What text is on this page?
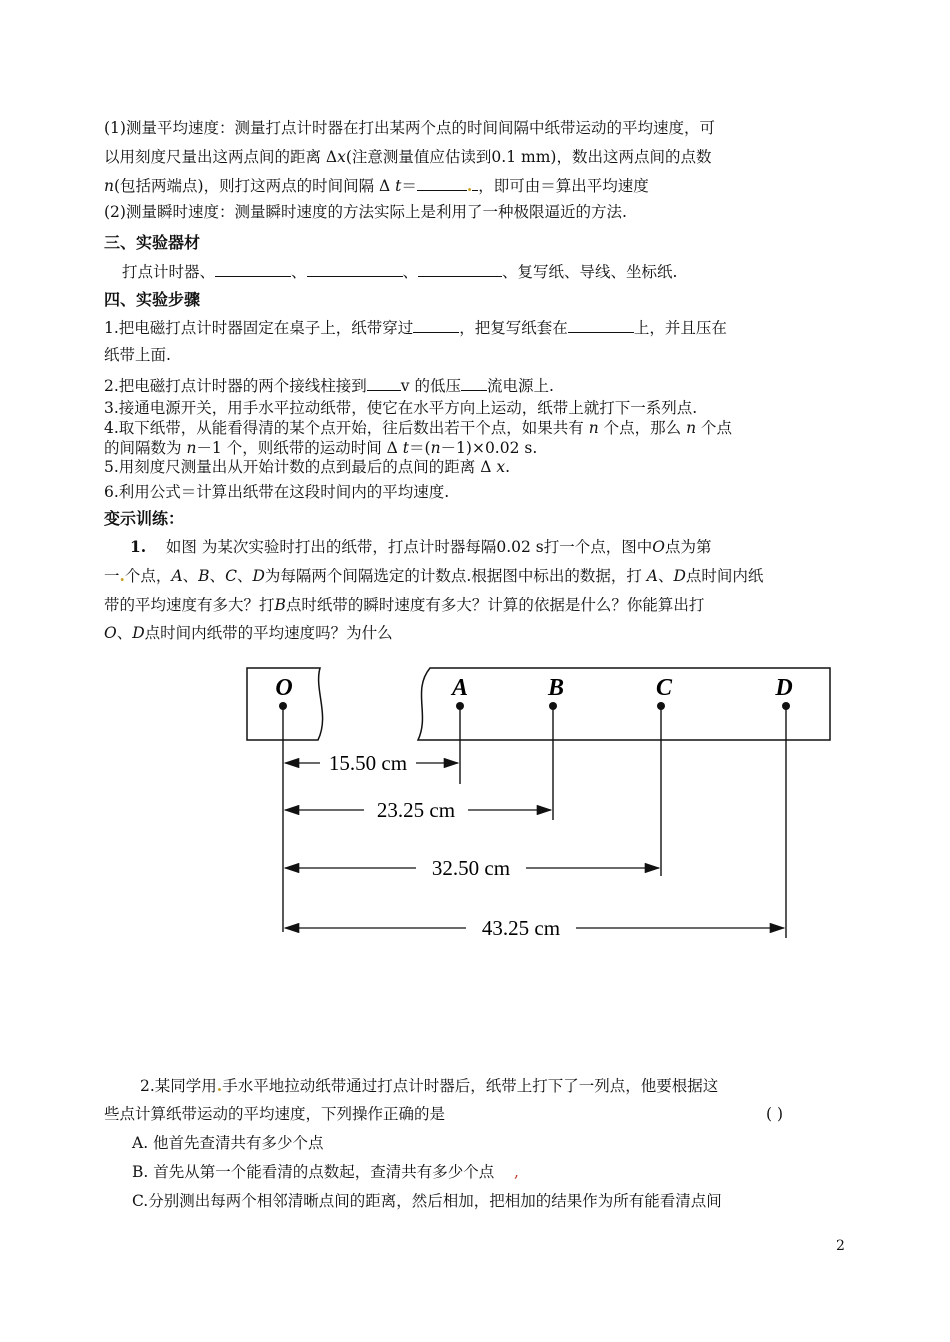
(1)测量平均速度：测量打点计时器在打出某两个点的时间间隔中纸带运动的平均速度，可
以用刻度尺量出这两点间的距离 Δx(注意测量值应估读到0.1 mm)，数出这两点间的点数
n(包括两端点)，则打这两点的时间间隔 Δ t＝	. ，即可由＝算出平均速度
(2)测量瞬时速度：测量瞬时速度的方法实际上是利用了一种极限逼近的方法.
三、实验器材
打点计时器、	、	、	、复写纸、导线、坐标纸.
四、实验步骤
1.把电磁打点计时器固定在桌子上，纸带穿过	，把复写纸套在	上，并且压在
纸带上面.
2.把电磁打点计时器的两个接线柱接到 v 的低压 流电源上.
3.接通电源开关，用手水平拉动纸带，使它在水平方向上运动，纸带上就打下一系列点.
4.取下纸带，从能看得清的某个点开始，往后数出若干个点，如果共有 n 个点，那么 n 个点
的间隔数为 n－1 个，则纸带的运动时间 Δ t＝(n－1)×0.02 s.
5.用刻度尺测量出从开始计数的点到最后的点间的距离 Δ x.
6.利用公式＝计算出纸带在这段时间内的平均速度.
变示训练：
1. 如图 为某次实验时打出的纸带，打点计时器每隔0.02 s打一个点，图中O点为第
一.个点，A、B、C、D为每隔两个间隔选定的计数点.根据图中标出的数据，打 A、D点时间内纸
带的平均速度有多大？打B点时纸带的瞬时速度有多大？计算的依据是什么？你能算出打
O、D点时间内纸带的平均速度吗？为什么
O	A	B	C	D
15.50 cm
23.25 cm
32.50 cm
43.25 cm
2.某同学用.手水平地拉动纸带通过打点计时器后，纸带上打下了一列点，他要根据这
些点计算纸带运动的平均速度，下列操作正确的是	( )
A. 他首先查清共有多少个点
B. 首先从第一个能看清的点数起，查清共有多少个点 ,
C.分别测出每两个相邻清晰点间的距离，然后相加，把相加的结果作为所有能看清点间
2
